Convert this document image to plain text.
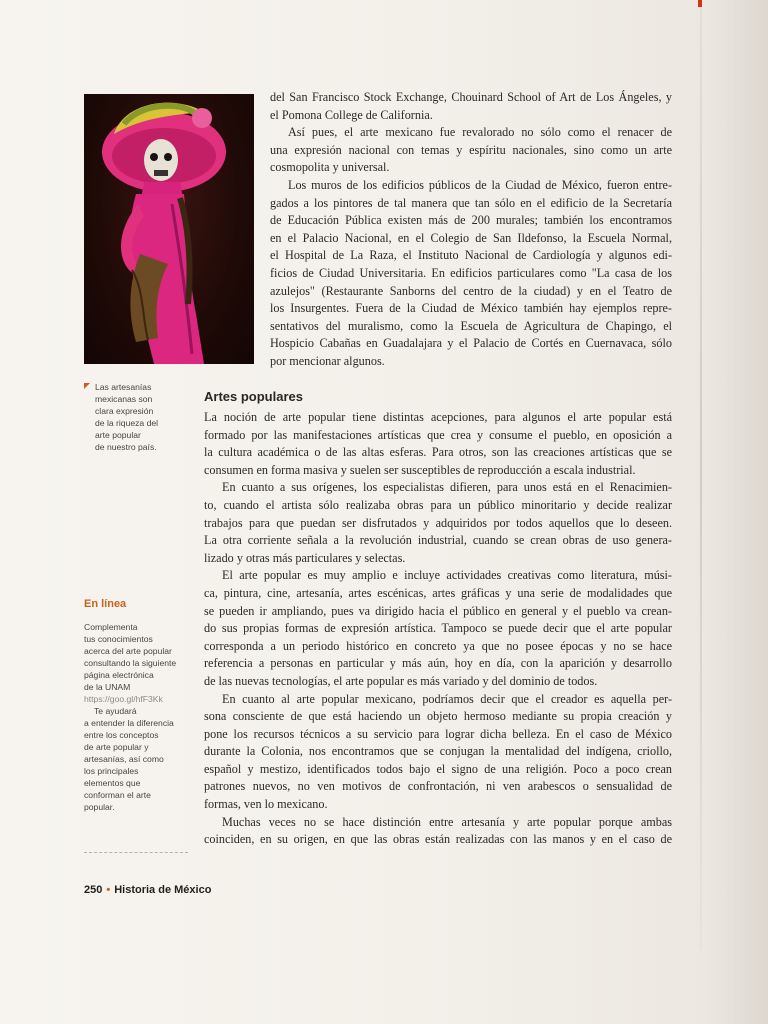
Las artesanías
mexicanas son
clara expresión
de la riqueza del
arte popular
de nuestro país.

del San Francisco Stock Exchange, Chouinard School of Art de Los Ángeles, y
el Pomona College de California.

Así pues, el arte mexicano fue revalorado no sólo como el renacer de
una expresión nacional con temas y espíritu nacionales, sino como un arte
cosmopolita y universal.

Los muros de los edificios públicos de la Ciudad de México, fueron entre-
gados a los pintores de tal manera que tan sólo en el edificio de la Secretaría
de Educación Pública existen más de 200 murales; también los encontramos
en el Palacio Nacional, en el Colegio de San Ildefonso, la Escuela Normal,
el Hospital de La Raza, el Instituto Nacional de Cardiología y algunos edi-
ficios de Ciudad Universitaria. En edificios particulares como "La casa de los
azulejos" (Restaurante Sanborns del centro de la ciudad) y en el Teatro de
los Insurgentes. Fuera de la Ciudad de México también hay ejemplos repre-
sentativos del muralismo, como la Escuela de Agricultura de Chapingo, el
Hospicio Cabañas en Guadalajara y el Palacio de Cortés en Cuernavaca, sólo
por mencionar algunos.

Artes populares

La noción de arte popular tiene distintas acepciones, para algunos el arte popular está
formado por las manifestaciones artísticas que crea y consume el pueblo, en oposición a
la cultura académica o de las altas esferas. Para otros, son las creaciones artísticas que se
consumen en forma masiva y suelen ser susceptibles de reproducción a escala industrial.

En cuanto a sus orígenes, los especialistas difieren, para unos está en el Renacimien-
to, cuando el artista sólo realizaba obras para un público minoritario y decide realizar
trabajos para que puedan ser disfrutados y adquiridos por todos aquellos que lo deseen.
La otra corriente señala a la revolución industrial, cuando se crean obras de uso genera-
lizado y otras más particulares y selectas.

El arte popular es muy amplio e incluye actividades creativas como literatura, músi-
ca, pintura, cine, artesanía, artes escénicas, artes gráficas y una serie de modalidades que
se pueden ir ampliando, pues va dirigido hacia el público en general y el pueblo va crean-
do sus propias formas de expresión artística. Tampoco se puede decir que el arte popular
corresponda a un periodo histórico en concreto ya que no posee épocas y no se hace
referencia a personas en particular y más aún, hoy en día, con la aparición y desarrollo
de las nuevas tecnologías, el arte popular es más variado y del dominio de todos.

En cuanto al arte popular mexicano, podríamos decir que el creador es aquella per-
sona consciente de que está haciendo un objeto hermoso mediante su propia creación y
pone los recursos técnicos a su servicio para lograr dicha belleza. En el caso de México
durante la Colonia, nos encontramos que se conjugan la mentalidad del indígena, criollo,
español y mestizo, identificados todos bajo el signo de una religión. Poco a poco crean
patrones nuevos, no ven motivos de confrontación, ni ven arabescos o sensualidad de
formas, ven lo mexicano.

Muchas veces no se hace distinción entre artesanía y arte popular porque ambas
coinciden, en su origen, en que las obras están realizadas con las manos y en el caso de

En línea
Complementa
tus conocimientos
acerca del arte popular
consultando la siguiente
página electrónica
de la UNAM
https://goo.gl/hfF3Kk
Te ayudará
a entender la diferencia
entre los conceptos
de arte popular y
artesanías, así como
los principales
elementos que
conforman el arte
popular.
250 • Historia de México
